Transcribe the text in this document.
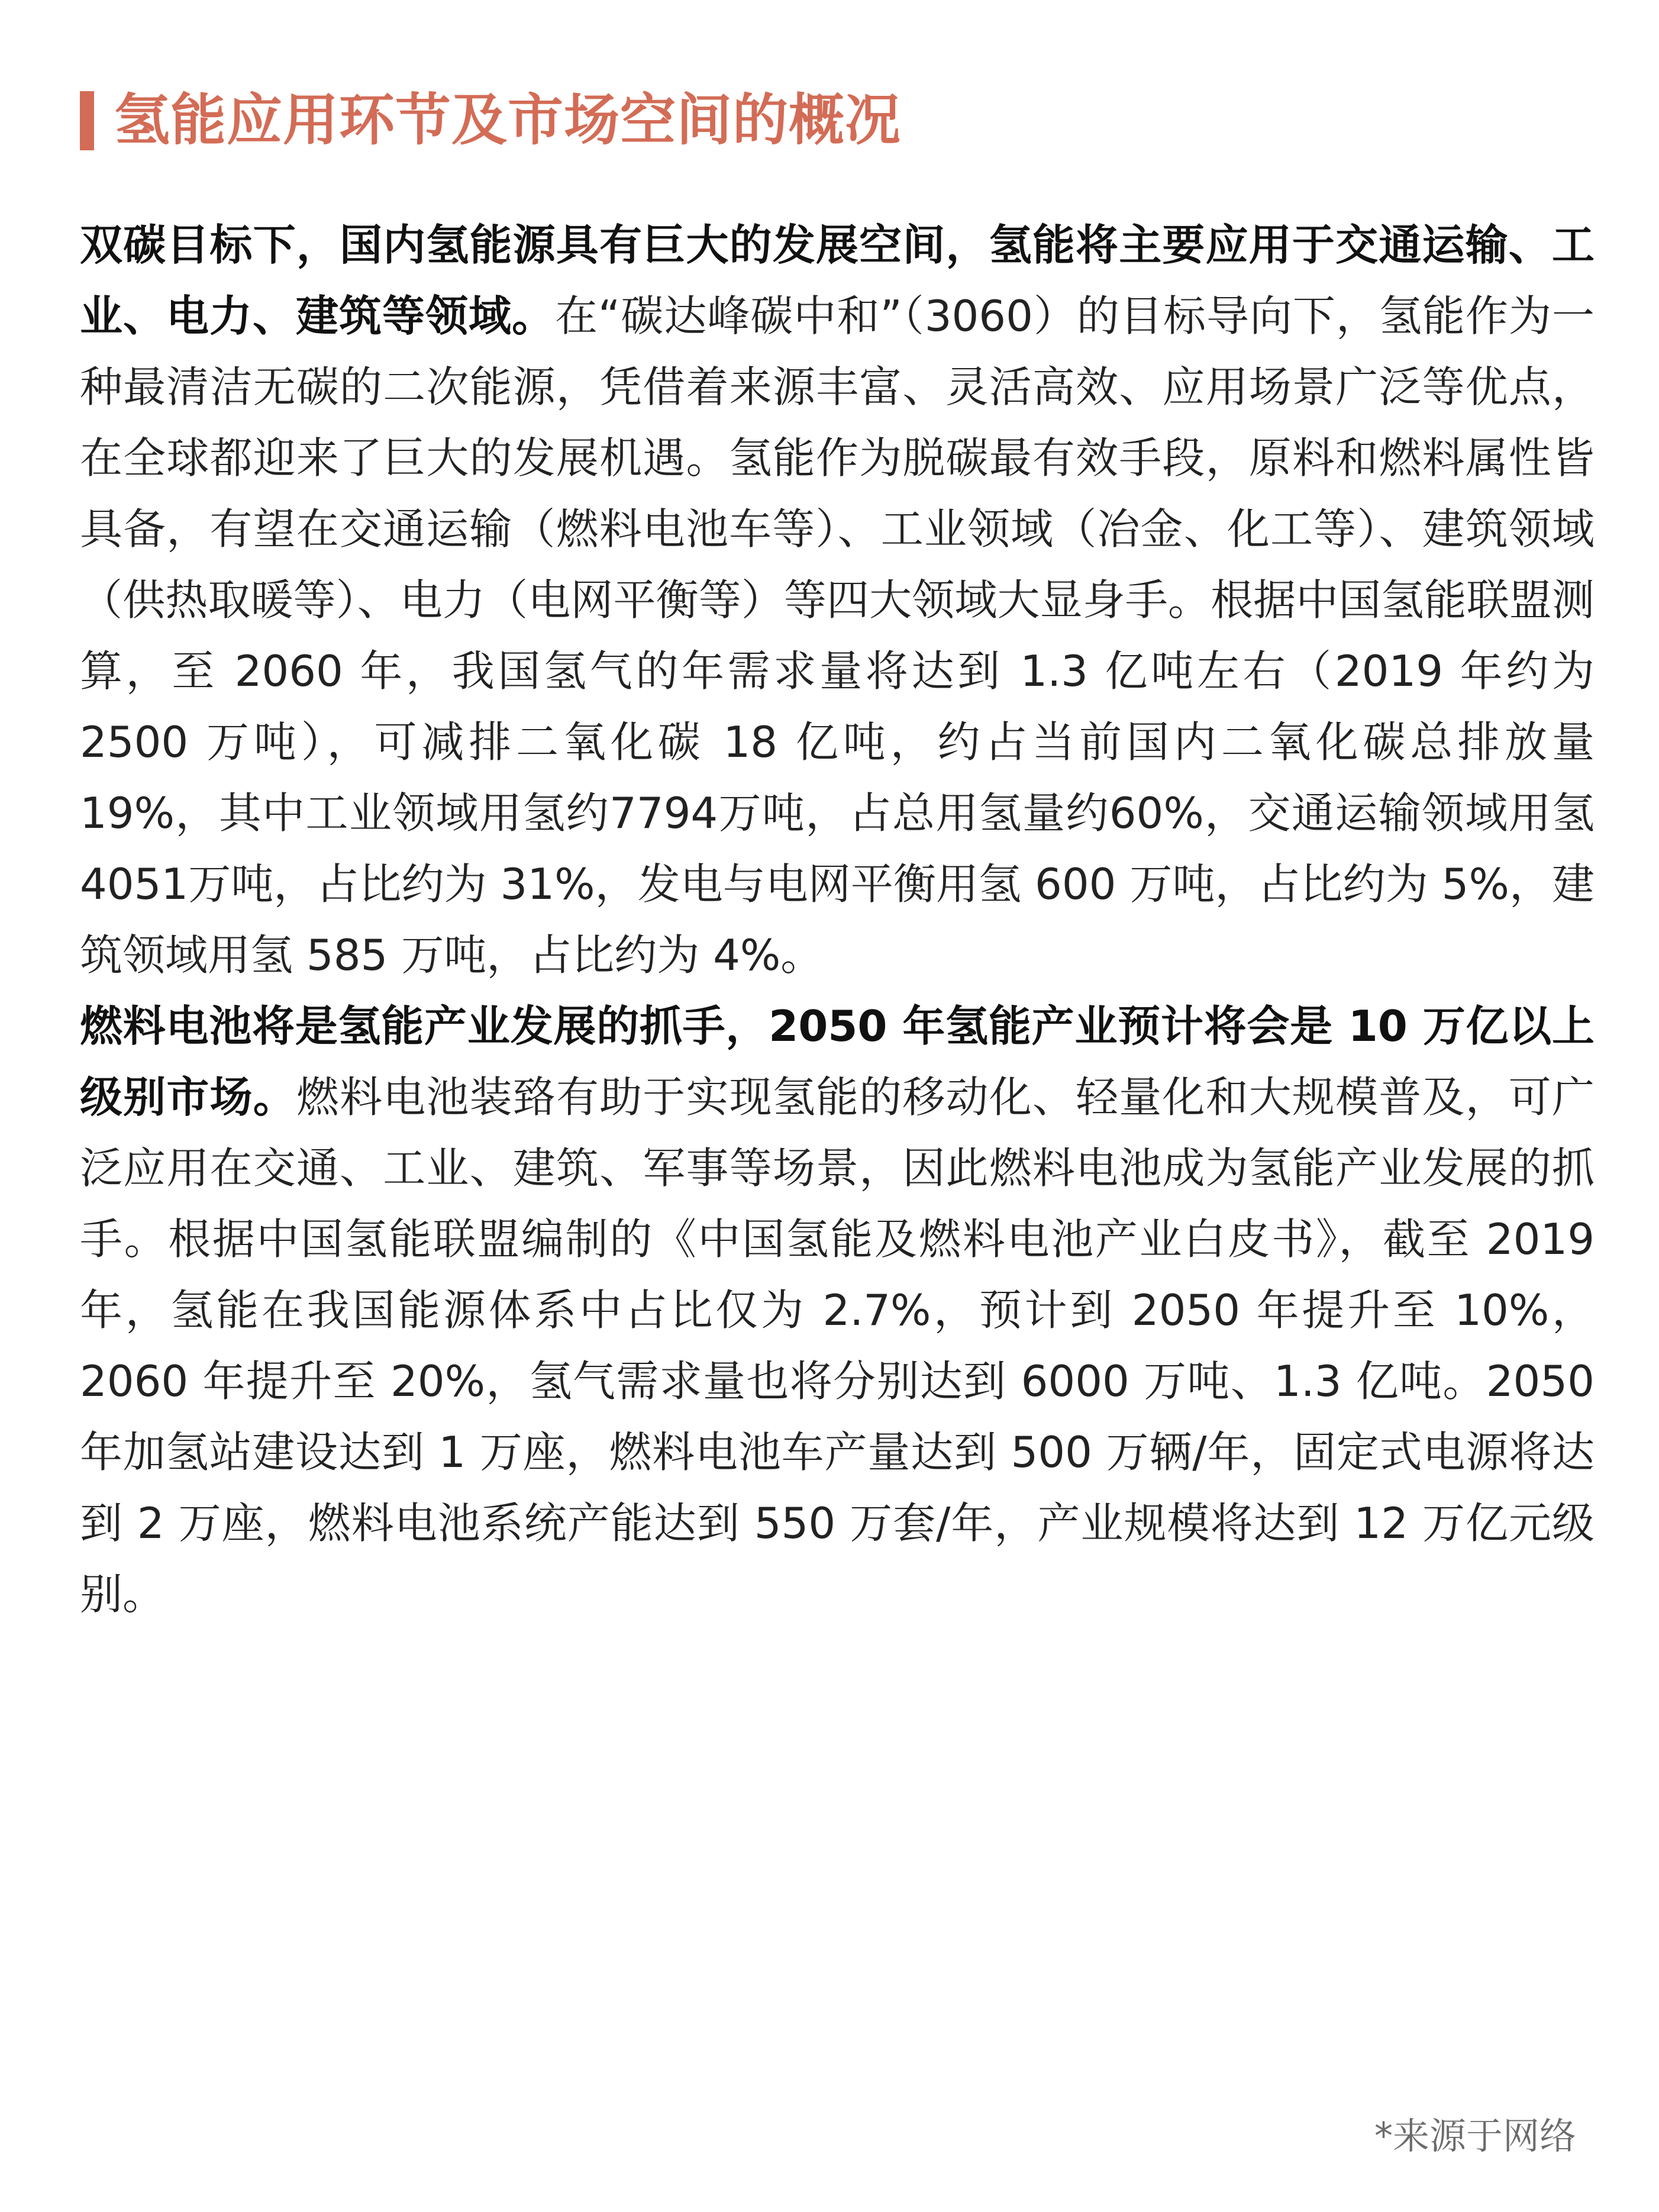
氢能应用环节及市场空间的概况

双碳目标下，国内氢能源具有巨大的发展空间，氢能将主要应用于交通运输、工业、电力、建筑等领域。在“碳达峰碳中和”（3060）的目标导向下，氢能作为一种最清洁无碳的二次能源，凭借着来源丰富、灵活高效、应用场景广泛等优点，在全球都迎来了巨大的发展机遇。氢能作为脱碳最有效手段，原料和燃料属性皆具备，有望在交通运输（燃料电池车等）、工业领域（冶金、化工等）、建筑领域（供热取暖等）、电力（电网平衡等）等四大领域大显身手。根据中国氢能联盟测算，至 2060 年，我国氢气的年需求量将达到 1.3 亿吨左右（2019 年约为 2500 万吨），可减排二氧化碳 18 亿吨，约占当前国内二氧化碳总排放量 19%，其中工业领域用氢约7794万吨，占总用氢量约60%，交通运输领域用氢4051万吨，占比约为 31%，发电与电网平衡用氢 600 万吨，占比约为 5%，建筑领域用氢 585 万吨，占比约为 4%。

燃料电池将是氢能产业发展的抓手，2050 年氢能产业预计将会是 10 万亿以上级别市场。燃料电池装臵有助于实现氢能的移动化、轻量化和大规模普及，可广泛应用在交通、工业、建筑、军事等场景，因此燃料电池成为氢能产业发展的抓手。根据中国氢能联盟编制的《中国氢能及燃料电池产业白皮书》，截至 2019 年，氢能在我国能源体系中占比仅为 2.7%，预计到 2050 年提升至 10%，2060 年提升至 20%，氢气需求量也将分别达到 6000 万吨、1.3 亿吨。2050 年加氢站建设达到 1 万座，燃料电池车产量达到 500 万辆/年，固定式电源将达到 2 万座，燃料电池系统产能达到 550 万套/年，产业规模将达到 12 万亿元级别。

*来源于网络
